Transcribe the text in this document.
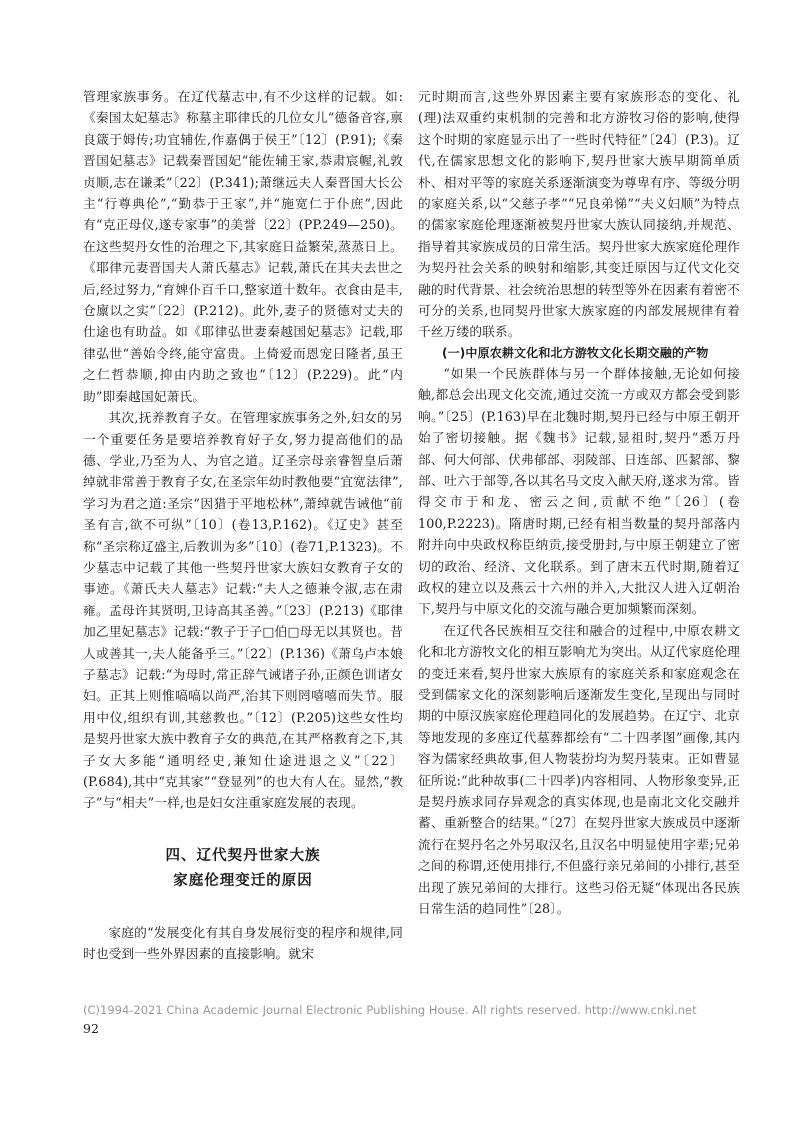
管理家族事务。在辽代墓志中,有不少这样的记载。如:《秦国太妃墓志》称墓主耶律氏的几位女儿“德备音容,禀良箴于姆传;功宜辅佐,作嘉偶于侯王”〔12〕(P.91);《秦晋国妃墓志》记载秦晋国妃“能佐辅王家,恭肃宸幄,礼敦贞顺,志在谦柔”〔22〕(P.341);萧继远夫人秦晋国大长公主“行尊典伦”,“勤恭于王家”,并“施宽仁于仆庶”,因此有“克正母仪,遂专家事”的美誉〔22〕(PP.249—250)。在这些契丹女性的治理之下,其家庭日益繁荣,蒸蒸日上。《耶律元妻晋国夫人萧氏墓志》记载,萧氏在其夫去世之后,经过努力,“育婢仆百千口,整家道十数年。衣食由是丰,仓廪以之实”〔22〕(P.212)。此外,妻子的贤德对丈夫的仕途也有助益。如《耶律弘世妻秦越国妃墓志》记载,耶律弘世“善始令终,能守富贵。上倚爱而恩宠日隆者,虽王之仁哲恭顺,抑由内助之致也”〔12〕(P.229)。此“内助”即秦越国妃萧氏。

其次,抚养教育子女。在管理家族事务之外,妇女的另一个重要任务是要培养教育好子女,努力提高他们的品德、学业,乃至为人、为官之道。辽圣宗母亲睿智皇后萧绰就非常善于教育子女,在圣宗年幼时教他要“宜宽法律”,学习为君之道:圣宗“因猎于平地松林”,萧绰就告诫他“前圣有言,欲不可纵”〔10〕(卷13,P.162)。《辽史》甚至称“圣宗称辽盛主,后教训为多”〔10〕(卷71,P.1323)。不少墓志中记载了其他一些契丹世家大族妇女教育子女的事迹。《萧氏夫人墓志》记载:“夫人之德兼令淑,志在肃雍。孟母许其贤明,卫诗高其圣善。”〔23〕(P.213)《耶律加乙里妃墓志》记载:“教子于子□伯□母无以其贤也。昔人或善其一,夫人能备乎三。”〔22〕(P.136)《萧乌卢本娘子墓志》记载:“为母时,常正辞气诫诸子孙,正颜色训诸女妇。正其上则惟嗃嗃以尚严,治其下则罔嘻嘻而失节。服用中仪,组织有训,其慈教也。”〔12〕(P.205)这些女性均是契丹世家大族中教育子女的典范,在其严格教育之下,其子女大多能“通明经史,兼知仕途进退之义”〔22〕(P.684),其中“克其家”“登显列”的也大有人在。显然,“教子”与“相夫”一样,也是妇女注重家庭发展的表现。

四、辽代契丹世家大族
家庭伦理变迁的原因

家庭的“发展变化有其自身发展衍变的程序和规律,同时也受到一些外界因素的直接影响。就宋

元时期而言,这些外界因素主要有家族形态的变化、礼(理)法双重约束机制的完善和北方游牧习俗的影响,使得这个时期的家庭显示出了一些时代特征”〔24〕(P.3)。辽代,在儒家思想文化的影响下,契丹世家大族早期简单质朴、相对平等的家庭关系逐渐演变为尊卑有序、等级分明的家庭关系,以“父慈子孝”“兄良弟悌”“夫义妇顺”为特点的儒家家庭伦理逐渐被契丹世家大族认同接纳,并规范、指导着其家族成员的日常生活。契丹世家大族家庭伦理作为契丹社会关系的映射和缩影,其变迁原因与辽代文化交融的时代背景、社会统治思想的转型等外在因素有着密不可分的关系,也同契丹世家大族家庭的内部发展规律有着千丝万缕的联系。

(一)中原农耕文化和北方游牧文化长期交融的产物

“如果一个民族群体与另一个群体接触,无论如何接触,都总会出现文化交流,通过交流一方或双方都会受到影响。”〔25〕(P.163)早在北魏时期,契丹已经与中原王朝开始了密切接触。据《魏书》记载,显祖时,契丹“悉万丹部、何大何部、伏弗郁部、羽陵部、日连部、匹絜部、黎部、吐六于部等,各以其名马文皮入献天府,遂求为常。皆得交市于和龙、密云之间,贡献不绝”〔26〕(卷100,P.2223)。隋唐时期,已经有相当数量的契丹部落内附并向中央政权称臣纳贡,接受册封,与中原王朝建立了密切的政治、经济、文化联系。到了唐末五代时期,随着辽政权的建立以及燕云十六州的并入,大批汉人进入辽朝治下,契丹与中原文化的交流与融合更加频繁而深刻。

在辽代各民族相互交往和融合的过程中,中原农耕文化和北方游牧文化的相互影响尤为突出。从辽代家庭伦理的变迁来看,契丹世家大族原有的家庭关系和家庭观念在受到儒家文化的深刻影响后逐渐发生变化,呈现出与同时期的中原汉族家庭伦理趋同化的发展趋势。在辽宁、北京等地发现的多座辽代墓葬都绘有“二十四孝图”画像,其内容为儒家经典故事,但人物装扮均为契丹装束。正如曹显征所说:“此种故事(二十四孝)内容相同、人物形象变异,正是契丹族求同存异观念的真实体现,也是南北文化交融并蓄、重新整合的结果。”〔27〕在契丹世家大族成员中逐渐流行在契丹名之外另取汉名,且汉名中明显使用字辈;兄弟之间的称谓,还使用排行,不但盛行亲兄弟间的小排行,甚至出现了族兄弟间的大排行。这些习俗无疑“体现出各民族日常生活的趋同性”〔28〕。

(C)1994-2021 China Academic Journal Electronic Publishing House. All rights reserved. http://www.cnki.net
92
